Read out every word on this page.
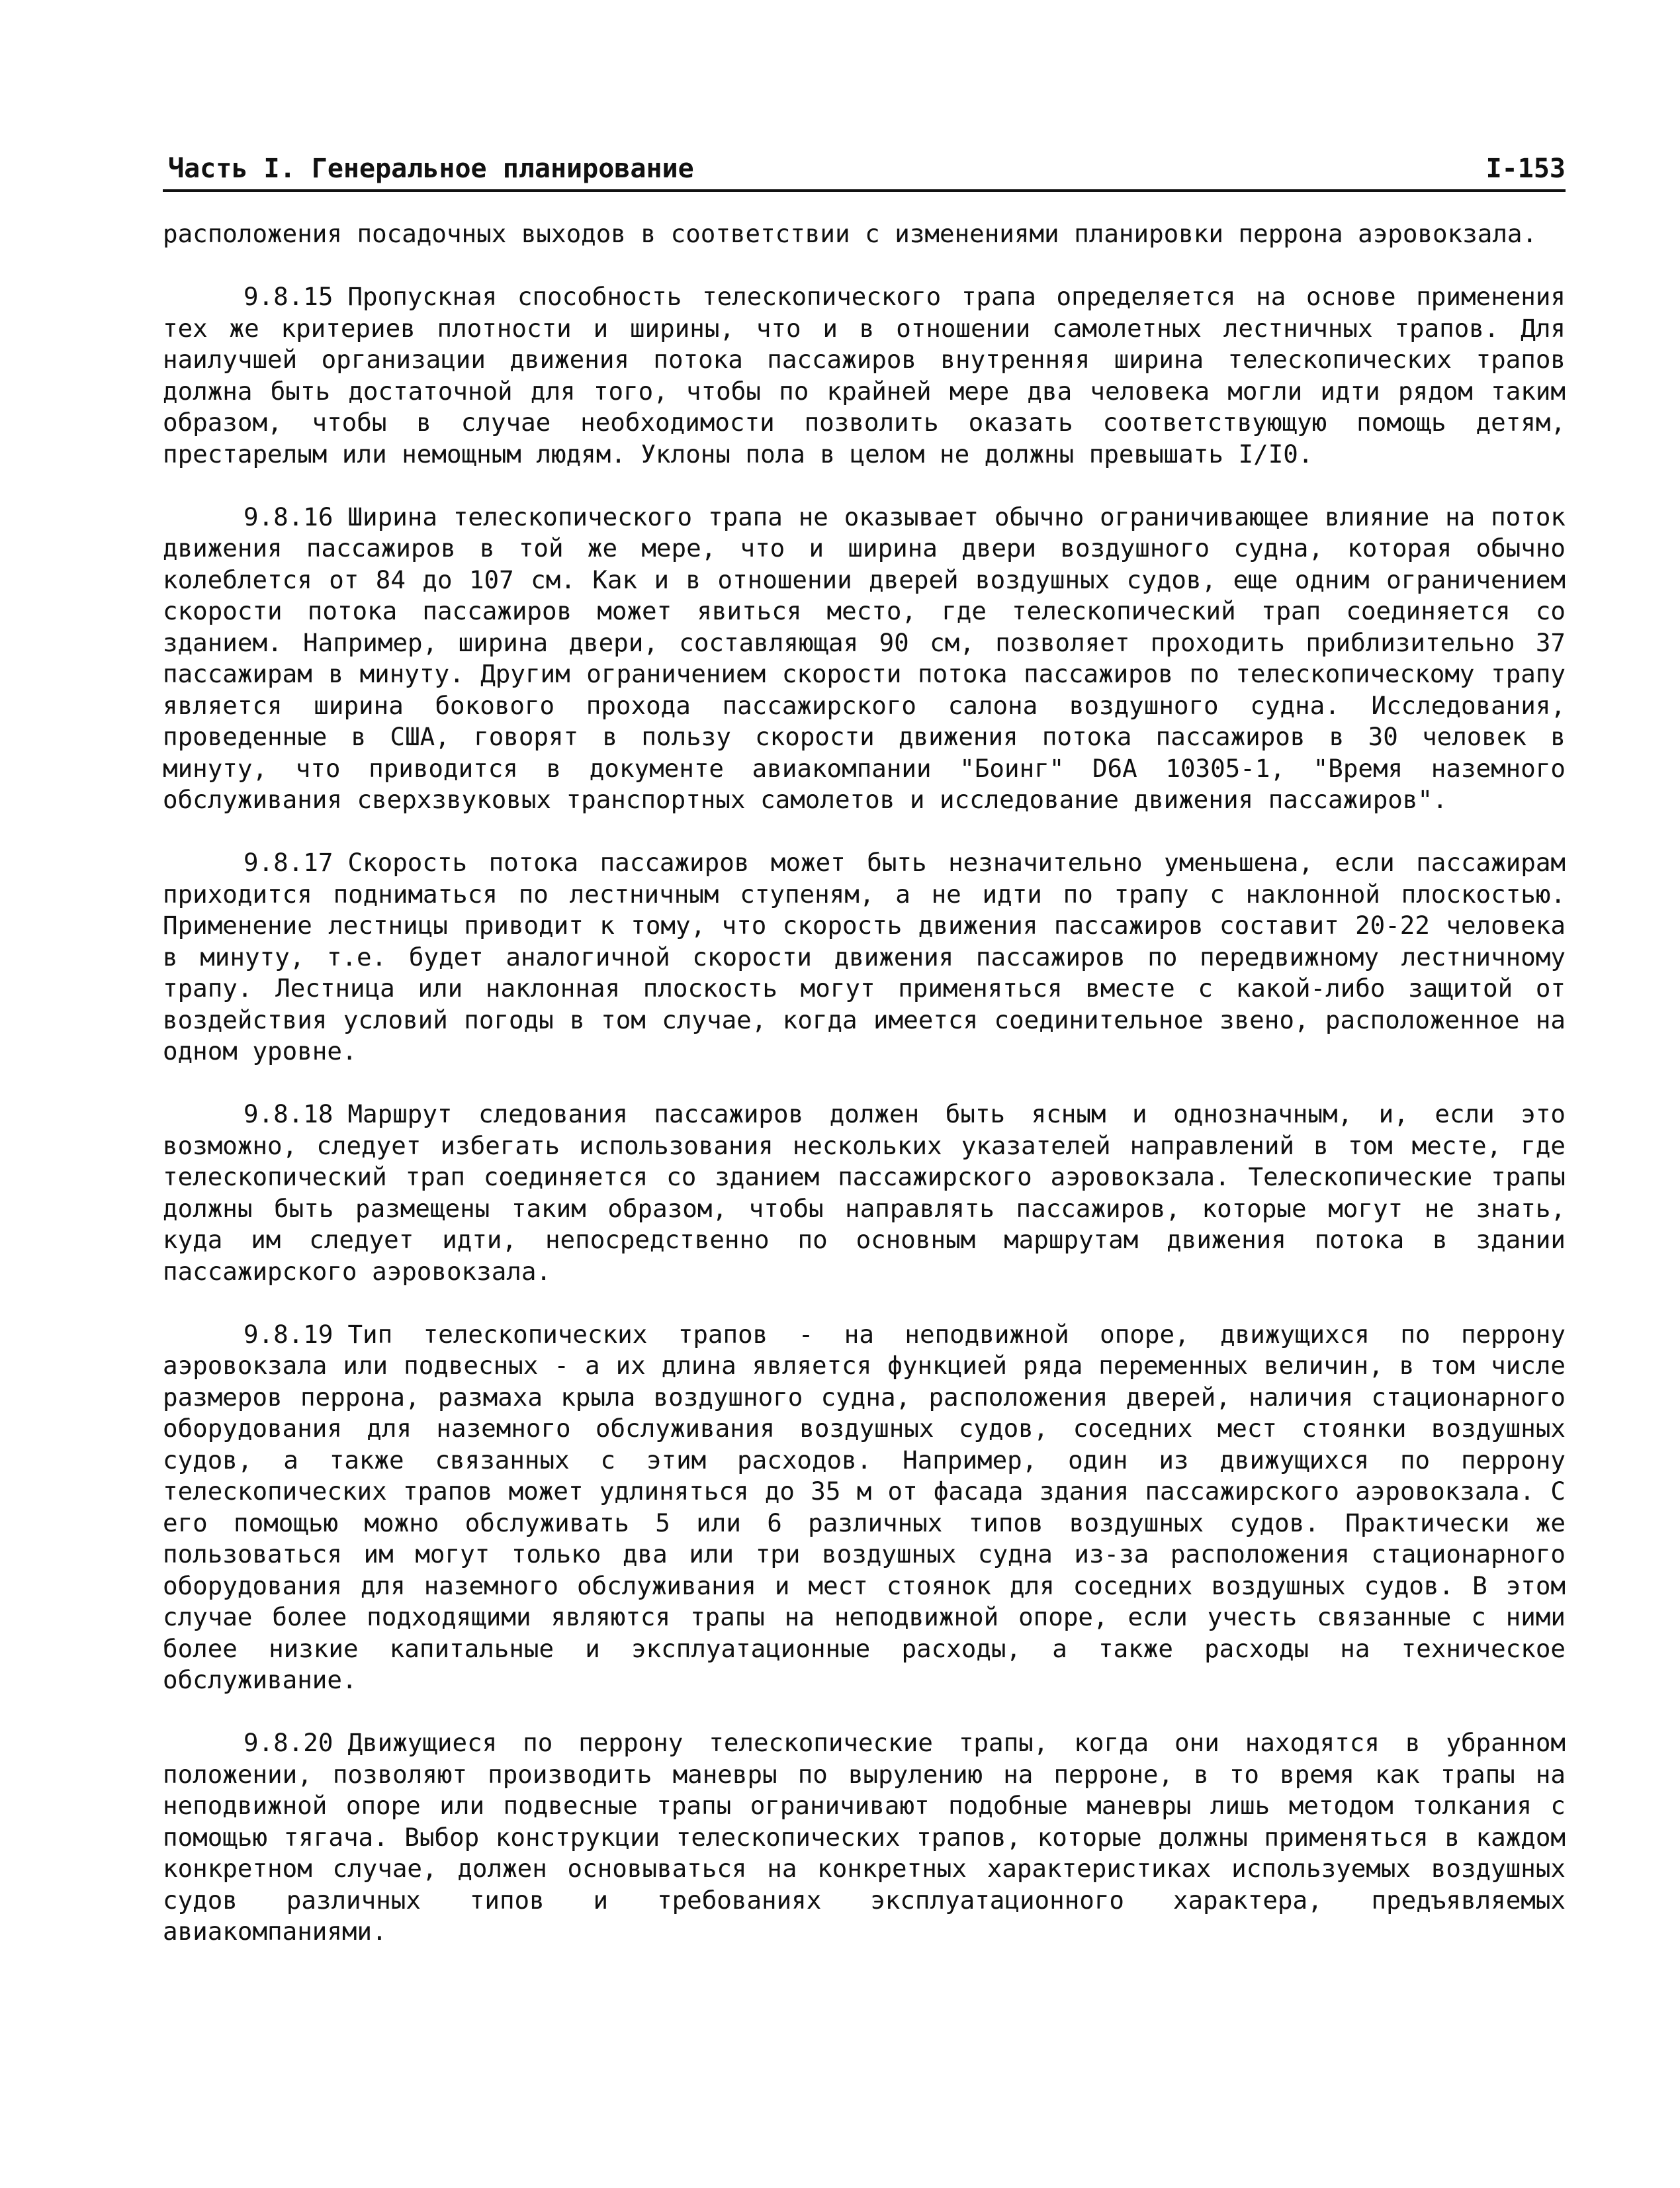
Часть I. Генеральное планирование	I-153

расположения посадочных выходов в соответствии с изменениями планировки перрона аэровокзала.

9.8.15 Пропускная способность телескопического трапа определяется на основе применения тех же критериев плотности и ширины, что и в отношении самолетных лестничных трапов. Для наилучшей организации движения потока пассажиров внутренняя ширина телескопических трапов должна быть достаточной для того, чтобы по крайней мере два человека могли идти рядом таким образом, чтобы в случае необходимости позволить оказать соответствующую помощь детям, престарелым или немощным людям. Уклоны пола в целом не должны превышать I/I0.

9.8.16 Ширина телескопического трапа не оказывает обычно ограничивающее влияние на поток движения пассажиров в той же мере, что и ширина двери воздушного судна, которая обычно колеблется от 84 до 107 см. Как и в отношении дверей воздушных судов, еще одним ограничением скорости потока пассажиров может явиться место, где телескопический трап соединяется со зданием. Например, ширина двери, составляющая 90 см, позволяет проходить приблизительно 37 пассажирам в минуту. Другим ограничением скорости потока пассажиров по телескопическому трапу является ширина бокового прохода пассажирского салона воздушного судна. Исследования, проведенные в США, говорят в пользу скорости движения потока пассажиров в 30 человек в минуту, что приводится в документе авиакомпании "Боинг" D6A 10305-1, "Время наземного обслуживания сверхзвуковых транспортных самолетов и исследование движения пассажиров".

9.8.17 Скорость потока пассажиров может быть незначительно уменьшена, если пассажирам приходится подниматься по лестничным ступеням, а не идти по трапу с наклонной плоскостью. Применение лестницы приводит к тому, что скорость движения пассажиров составит 20-22 человека в минуту, т.е. будет аналогичной скорости движения пассажиров по передвижному лестничному трапу. Лестница или наклонная плоскость могут применяться вместе с какой-либо защитой от воздействия условий погоды в том случае, когда имеется соединительное звено, расположенное на одном уровне.

9.8.18 Маршрут следования пассажиров должен быть ясным и однозначным, и, если это возможно, следует избегать использования нескольких указателей направлений в том месте, где телескопический трап соединяется со зданием пассажирского аэровокзала. Телескопические трапы должны быть размещены таким образом, чтобы направлять пассажиров, которые могут не знать, куда им следует идти, непосредственно по основным маршрутам движения потока в здании пассажирского аэровокзала.

9.8.19 Тип телескопических трапов - на неподвижной опоре, движущихся по перрону аэровокзала или подвесных - а их длина является функцией ряда переменных величин, в том числе размеров перрона, размаха крыла воздушного судна, расположения дверей, наличия стационарного оборудования для наземного обслуживания воздушных судов, соседних мест стоянки воздушных судов, а также связанных с этим расходов. Например, один из движущихся по перрону телескопических трапов может удлиняться до 35 м от фасада здания пассажирского аэровокзала. С его помощью можно обслуживать 5 или 6 различных типов воздушных судов. Практически же пользоваться им могут только два или три воздушных судна из-за расположения стационарного оборудования для наземного обслуживания и мест стоянок для соседних воздушных судов. В этом случае более подходящими являются трапы на неподвижной опоре, если учесть связанные с ними более низкие капитальные и эксплуатационные расходы, а также расходы на техническое обслуживание.

9.8.20 Движущиеся по перрону телескопические трапы, когда они находятся в убранном положении, позволяют производить маневры по вырулению на перроне, в то время как трапы на неподвижной опоре или подвесные трапы ограничивают подобные маневры лишь методом толкания с помощью тягача. Выбор конструкции телескопических трапов, которые должны применяться в каждом конкретном случае, должен основываться на конкретных характеристиках используемых воздушных судов различных типов и требованиях эксплуатационного характера, предъявляемых авиакомпаниями.
